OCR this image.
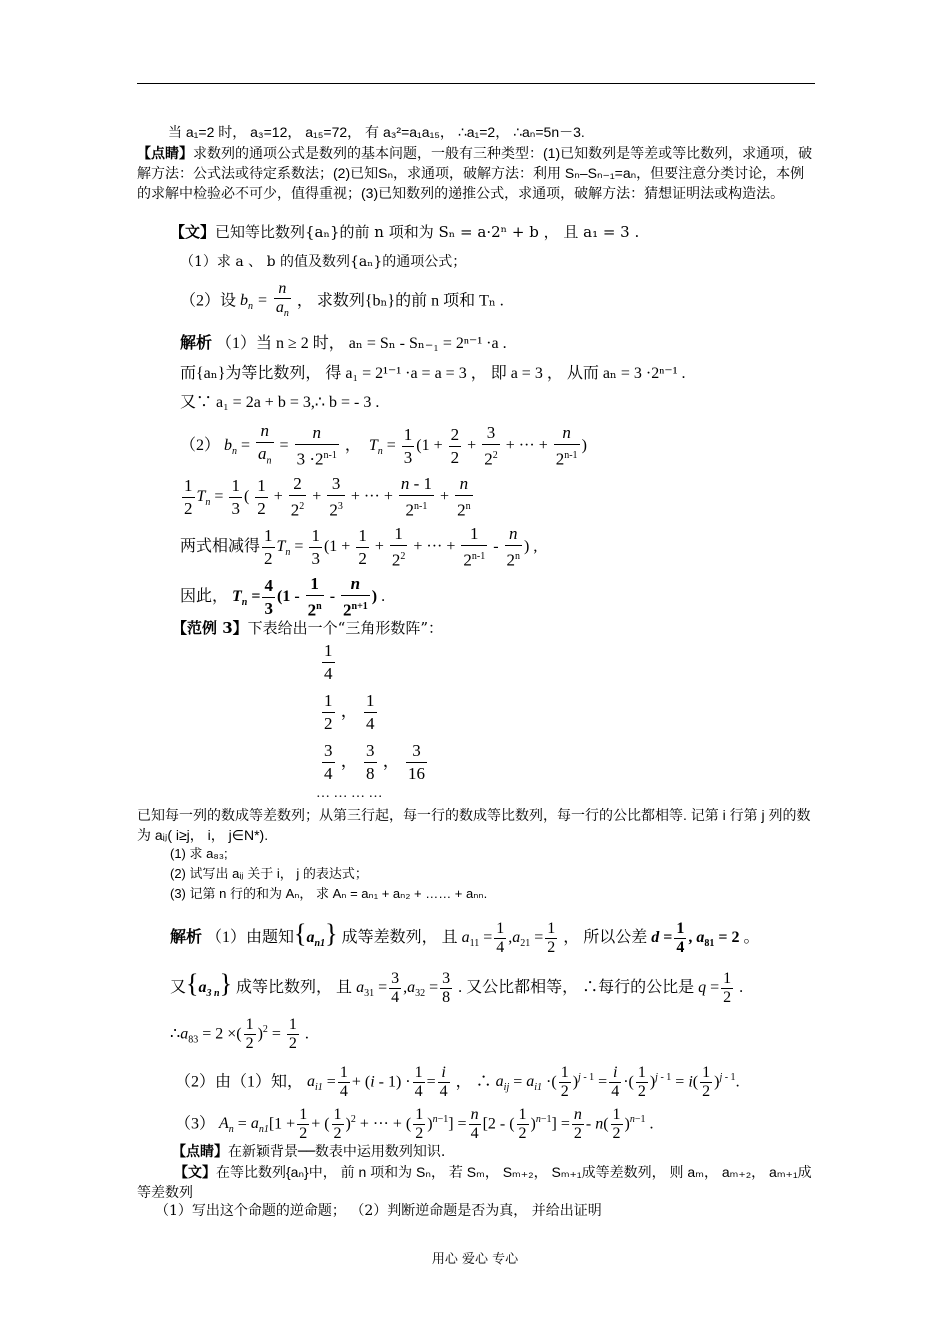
当 a₁=2 时， a₃=12， a₁₅=72， 有 a₃²=a₁a₁₅， ∴a₁=2， ∴aₙ=5n－3.
【点睛】求数列的通项公式是数列的基本问题，一般有三种类型：(1)已知数列是等差或等比数列，求通项，破解方法：公式法或待定系数法；(2)已知Sₙ，求通项，破解方法：利用 Sₙ–Sₙ₋₁=aₙ，但要注意分类讨论，本例的求解中检验必不可少，值得重视；(3)已知数列的递推公式，求通项，破解方法：猜想证明法或构造法。
【文】已知等比数列{aₙ}的前 n 项和为 Sₙ = a·2ⁿ + b ， 且 a₁ = 3 .
（1）求 a 、 b 的值及数列{aₙ}的通项公式；
（2）设 $b_n = \frac{n}{a_n}$ ， 求数列{bₙ}的前 n 项和 Tₙ .
解析 （1）当 n ≥ 2 时， aₙ = Sₙ - Sₙ₋₁ = 2ⁿ⁻¹ ·a .
而{aₙ}为等比数列， 得 a₁ = 2¹⁻¹ ·a = a = 3 ， 即 a = 3 ， 从而 aₙ = 3 ·2ⁿ⁻¹ .
又∵ a₁ = 2a + b = 3,∴ b = - 3 .
（2） $b_n = \frac{n}{a_n} = \frac{n}{3 \cdot 2^{n-1}}$ ，  $T_n = \frac{1}{3} (1 + \frac{2}{2} + \frac{3}{2^2}$ + ··· + $\frac{n}{2^{n-1}}$ )
$\frac{1}{2} T_n = \frac{1}{3}$ ( $\frac{1}{2} + \frac{2}{2^2} + \frac{3}{2^3}$ + ··· + $\frac{n - 1}{2^{n-1}} + \frac{n}{2^n}$
两式相减得 $\frac{1}{2} T_n = \frac{1}{3} (1 + \frac{1}{2} + \frac{1}{2^2}$ + ··· + $\frac{1}{2^{n-1}} - \frac{n}{2^n}$ ) ,
因此， $T_n = \frac{4}{3} (1 - \frac{1}{2^n} - \frac{n}{2^{n+1}}$ ) .
【范例 3】下表给出一个“三角形数阵”：
$\frac{1}{4}$
$\frac{1}{2}$ ， $\frac{1}{4}$
$\frac{3}{4}$ ， $\frac{3}{8}$ ， $\frac{3}{16}$
… … … …
已知每一列的数成等差数列；从第三行起，每一行的数成等比数列，每一行的公比都相等. 记第 i 行第 j 列的数为 aᵢⱼ( i≥j， i， j∈N*).
(1) 求 a₈₃;
(2) 试写出 aᵢⱼ 关于 i， j 的表达式；
(3) 记第 n 行的和为 Aₙ， 求 Aₙ = aₙ₁ + aₙ₂ + …… + aₙₙ.
解析 （1）由题知$\{a_{n1}\}$ 成等差数列， 且 $a_{11} = \frac{1}{4} ,a_{21} = \frac{1}{2}$ ， 所以公差 $d = \frac{1}{4}$ , $a_{81} = 2$ 。
又$\{a_{3 n}\}$ 成等比数列， 且 $a_{31} = \frac{3}{4} ,a_{32} = \frac{3}{8}$ . 又公比都相等， ∴每行的公比是 $q = \frac{1}{2}$ .
$\therefore a_{83} = 2$ ×( $\frac{1}{2} )^2 = \frac{1}{2}$ .
（2）由（1）知， $a_{i1} = \frac{1}{4} + (i - 1) \cdot \frac{1}{4} = \frac{i}{4}$ ， ∴ $a_{ij} = a_{i1}$ ·( $\frac{1}{2} )^{j - 1} = \frac{i}{4}$ ·( $\frac{1}{2} )^{j - 1} = i( \frac{1}{2} )^{j - 1}$.
（3） $A_n = a_{n1}[1 + \frac{1}{2}$ + ( $\frac{1}{2} )^2$ + ··· + ( $\frac{1}{2} )^{n-1}] = \frac{n}{4} [2$ - ( $\frac{1}{2} )^{n-1}] = \frac{n}{2} - n( \frac{1}{2} )^{n-1}$ .
【点睛】在新颖背景──数表中运用数列知识.
【文】在等比数列{aₙ}中， 前 n 项和为 Sₙ， 若 Sₘ， Sₘ₊₂， Sₘ₊₁成等差数列， 则 aₘ， aₘ₊₂， aₘ₊₁成等差数列
（1）写出这个命题的逆命题； （2）判断逆命题是否为真， 并给出证明
用心 爱心 专心
